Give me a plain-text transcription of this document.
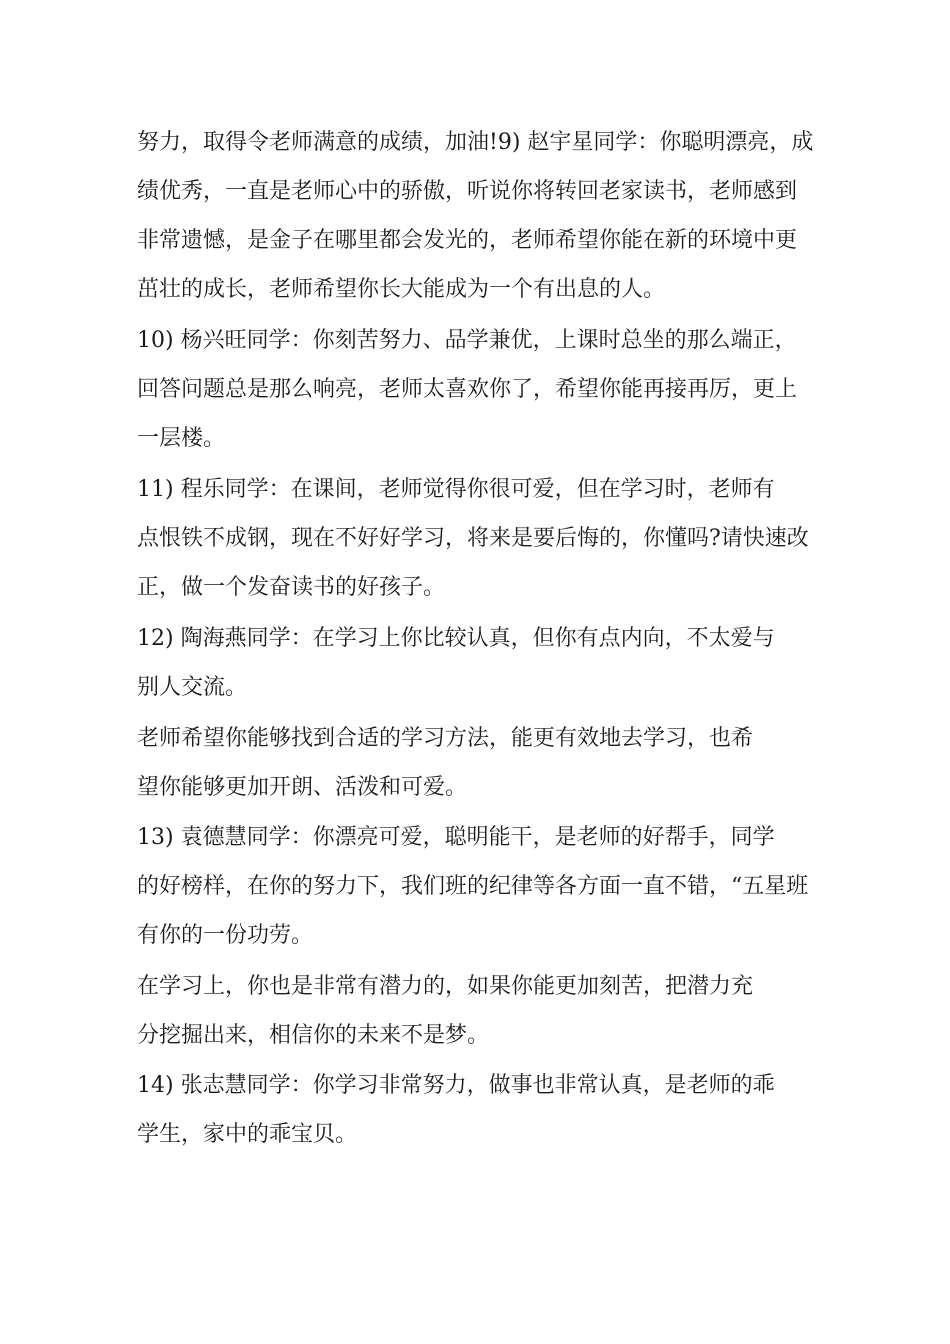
努力，取得令老师满意的成绩，加油!9) 赵宇星同学：你聪明漂亮，成
绩优秀，一直是老师心中的骄傲，听说你将转回老家读书，老师感到
非常遗憾，是金子在哪里都会发光的，老师希望你能在新的环境中更
茁壮的成长，老师希望你长大能成为一个有出息的人。

10) 杨兴旺同学：你刻苦努力、品学兼优，上课时总坐的那么端正，
回答问题总是那么响亮，老师太喜欢你了，希望你能再接再厉，更上
一层楼。

11) 程乐同学：在课间，老师觉得你很可爱，但在学习时，老师有
点恨铁不成钢，现在不好好学习，将来是要后悔的，你懂吗?请快速改
正，做一个发奋读书的好孩子。

12) 陶海燕同学：在学习上你比较认真，但你有点内向，不太爱与
别人交流。

老师希望你能够找到合适的学习方法，能更有效地去学习，也希
望你能够更加开朗、活泼和可爱。

13) 袁德慧同学：你漂亮可爱，聪明能干，是老师的好帮手，同学
的好榜样，在你的努力下，我们班的纪律等各方面一直不错，“五星班
有你的一份功劳。

在学习上，你也是非常有潜力的，如果你能更加刻苦，把潜力充
分挖掘出来，相信你的未来不是梦。

14) 张志慧同学：你学习非常努力，做事也非常认真，是老师的乖
学生，家中的乖宝贝。
